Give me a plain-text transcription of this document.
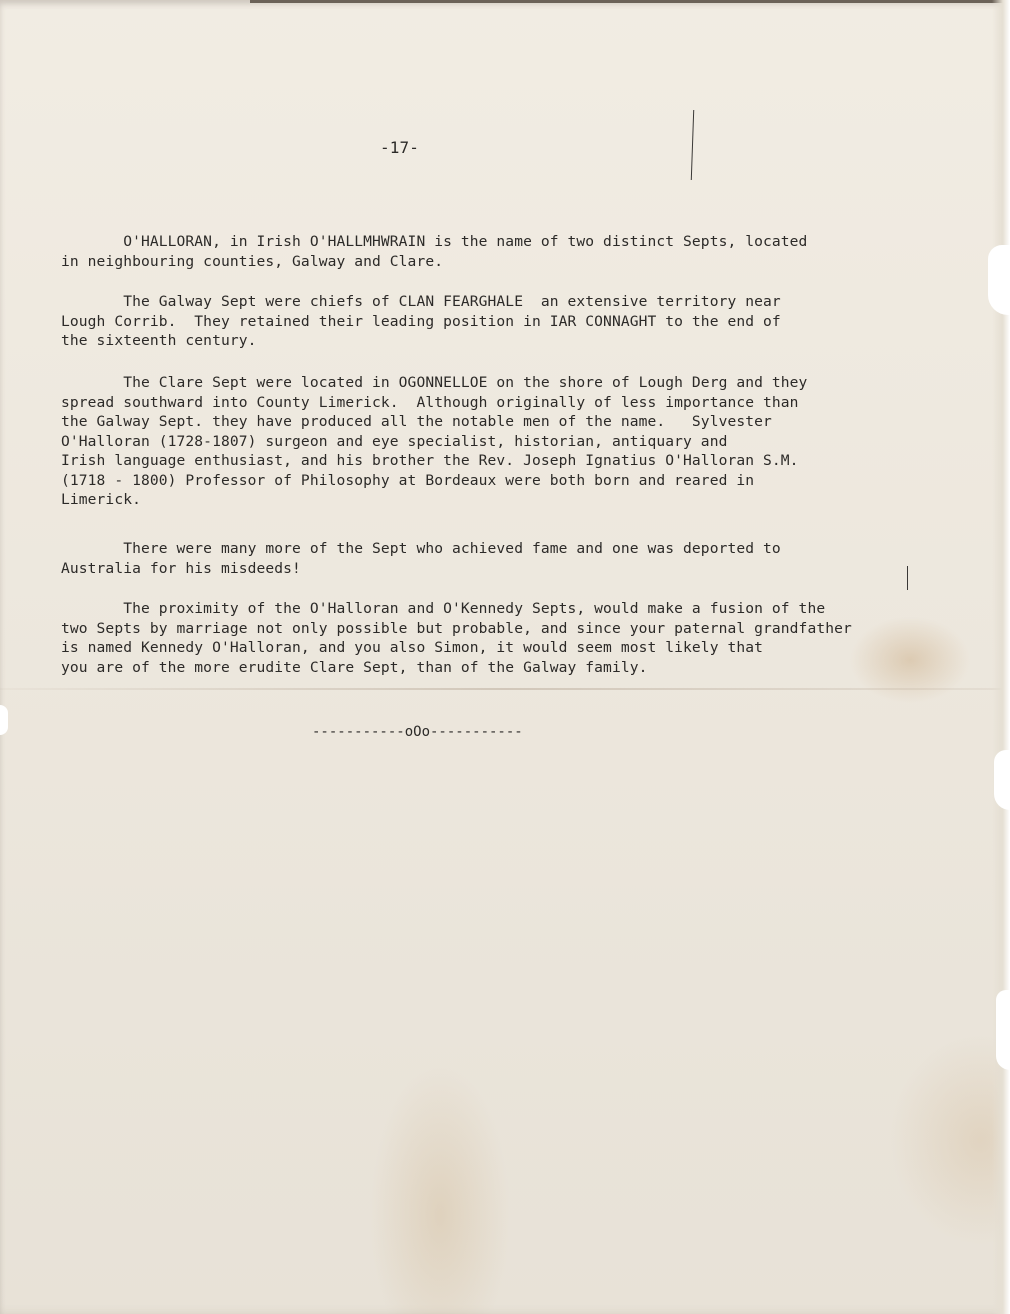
-17-
O'HALLORAN, in Irish O'HALLMHWRAIN is the name of two distinct Septs, located
in neighbouring counties, Galway and Clare.
The Galway Sept were chiefs of CLAN FEARGHALE  an extensive territory near
Lough Corrib.  They retained their leading position in IAR CONNAGHT to the end of
the sixteenth century.
The Clare Sept were located in OGONNELLOE on the shore of Lough Derg and they
spread southward into County Limerick.  Although originally of less importance than
the Galway Sept. they have produced all the notable men of the name.   Sylvester
O'Halloran (1728-1807) surgeon and eye specialist, historian, antiquary and
Irish language enthusiast, and his brother the Rev. Joseph Ignatius O'Halloran S.M.
(1718 - 1800) Professor of Philosophy at Bordeaux were both born and reared in
Limerick.
There were many more of the Sept who achieved fame and one was deported to
Australia for his misdeeds!
The proximity of the O'Halloran and O'Kennedy Septs, would make a fusion of the
two Septs by marriage not only possible but probable, and since your paternal grandfather
is named Kennedy O'Halloran, and you also Simon, it would seem most likely that
you are of the more erudite Clare Sept, than of the Galway family.
-----------oOo-----------
